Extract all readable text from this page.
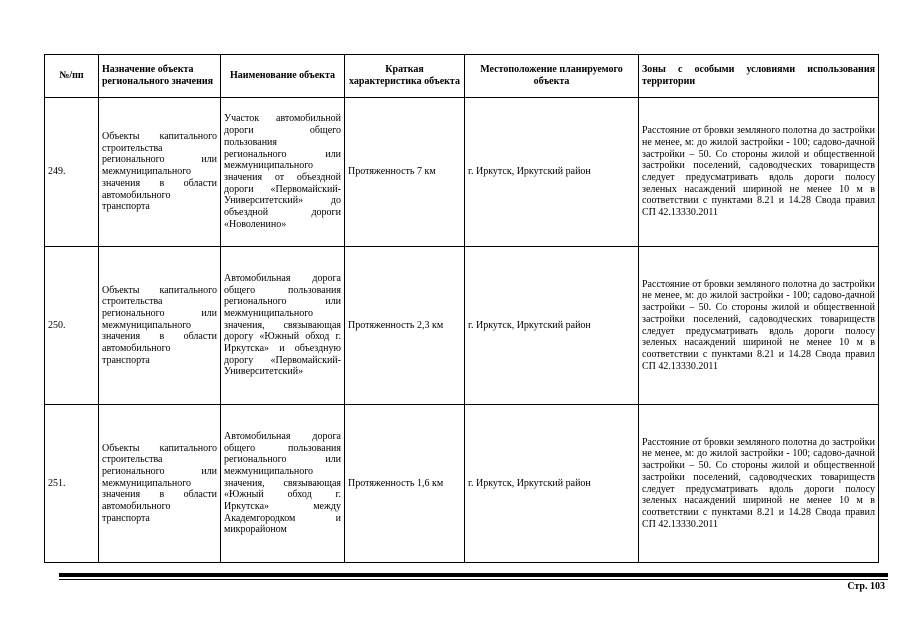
№/пп	Назначение объекта регионального значения	Наименование объекта	Краткая характеристика объекта	Местоположение планируемого объекта	Зоны с особыми условиями использования территории
249.	Объекты капитального строительства регионального или межмуниципального значения в области автомобильного транспорта	Участок автомобильной дороги общего пользования регионального или межмуниципального значения от объездной дороги «Первомайский-Университетский» до объездной дороги «Новоленино»	Протяженность 7 км	г. Иркутск, Иркутский район	Расстояние от бровки земляного полотна до застройки не менее, м: до жилой застройки - 100; садово-дачной застройки – 50. Со стороны жилой и общественной застройки поселений, садоводческих товариществ следует предусматривать вдоль дороги полосу зеленых насаждений шириной не менее 10 м в соответствии с пунктами 8.21 и 14.28 Свода правил СП 42.13330.2011

250.	Объекты капитального строительства регионального или межмуниципального значения в области автомобильного транспорта	Автомобильная дорога общего пользования регионального или межмуниципального значения, связывающая дорогу «Южный обход г. Иркутска» и объездную дорогу «Первомайский-Университетский»	Протяженность 2,3 км	г. Иркутск, Иркутский район	Расстояние от бровки земляного полотна до застройки не менее, м: до жилой застройки - 100; садово-дачной застройки – 50. Со стороны жилой и общественной застройки поселений, садоводческих товариществ следует предусматривать вдоль дороги полосу зеленых насаждений шириной не менее 10 м в соответствии с пунктами 8.21 и 14.28 Свода правил СП 42.13330.2011

251.	Объекты капитального строительства регионального или межмуниципального значения в области автомобильного транспорта	Автомобильная дорога общего пользования регионального или межмуниципального значения, связывающая «Южный обход г. Иркутска» между Академгородком и микрорайоном	Протяженность 1,6 км	г. Иркутск, Иркутский район	Расстояние от бровки земляного полотна до застройки не менее, м: до жилой застройки - 100; садово-дачной застройки – 50. Со стороны жилой и общественной застройки поселений, садоводческих товариществ следует предусматривать вдоль дороги полосу зеленых насаждений шириной не менее 10 м в соответствии с пунктами 8.21 и 14.28 Свода правил СП 42.13330.2011
Стр. 103
